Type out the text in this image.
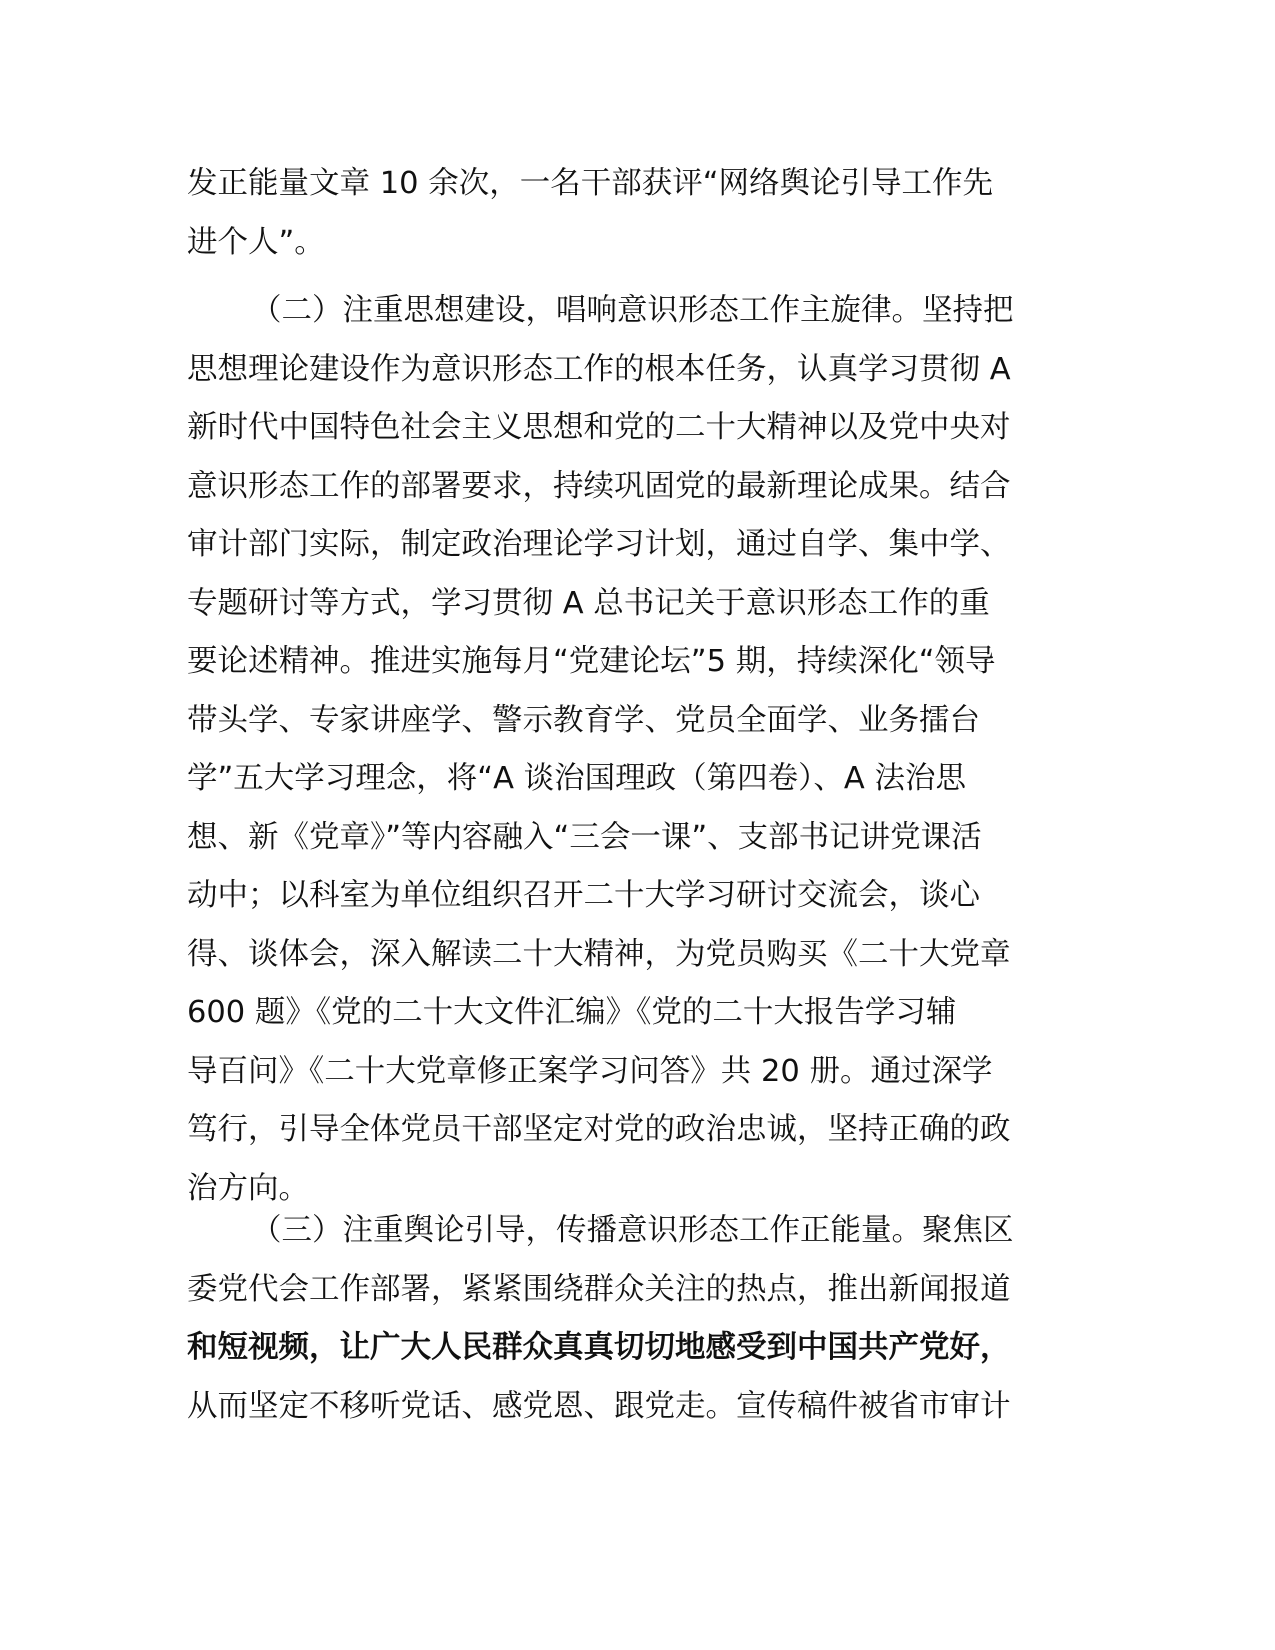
发正能量文章 10 余次，一名干部获评“网络舆论引导工作先
进个人”。
（二）注重思想建设，唱响意识形态工作主旋律。坚持把
思想理论建设作为意识形态工作的根本任务，认真学习贯彻 A
新时代中国特色社会主义思想和党的二十大精神以及党中央对
意识形态工作的部署要求，持续巩固党的最新理论成果。结合
审计部门实际，制定政治理论学习计划，通过自学、集中学、
专题研讨等方式，学习贯彻 A 总书记关于意识形态工作的重
要论述精神。推进实施每月“党建论坛”5 期，持续深化“领导
带头学、专家讲座学、警示教育学、党员全面学、业务擂台
学”五大学习理念，将“A 谈治国理政（第四卷）、A 法治思
想、新《党章》”等内容融入“三会一课”、支部书记讲党课活
动中；以科室为单位组织召开二十大学习研讨交流会，谈心
得、谈体会，深入解读二十大精神，为党员购买《二十大党章
600 题》《党的二十大文件汇编》《党的二十大报告学习辅
导百问》《二十大党章修正案学习问答》共 20 册。通过深学
笃行，引导全体党员干部坚定对党的政治忠诚，坚持正确的政
治方向。
（三）注重舆论引导，传播意识形态工作正能量。聚焦区
委党代会工作部署，紧紧围绕群众关注的热点，推出新闻报道
和短视频，让广大人民群众真真切切地感受到中国共产党好，
从而坚定不移听党话、感党恩、跟党走。宣传稿件被省市审计
